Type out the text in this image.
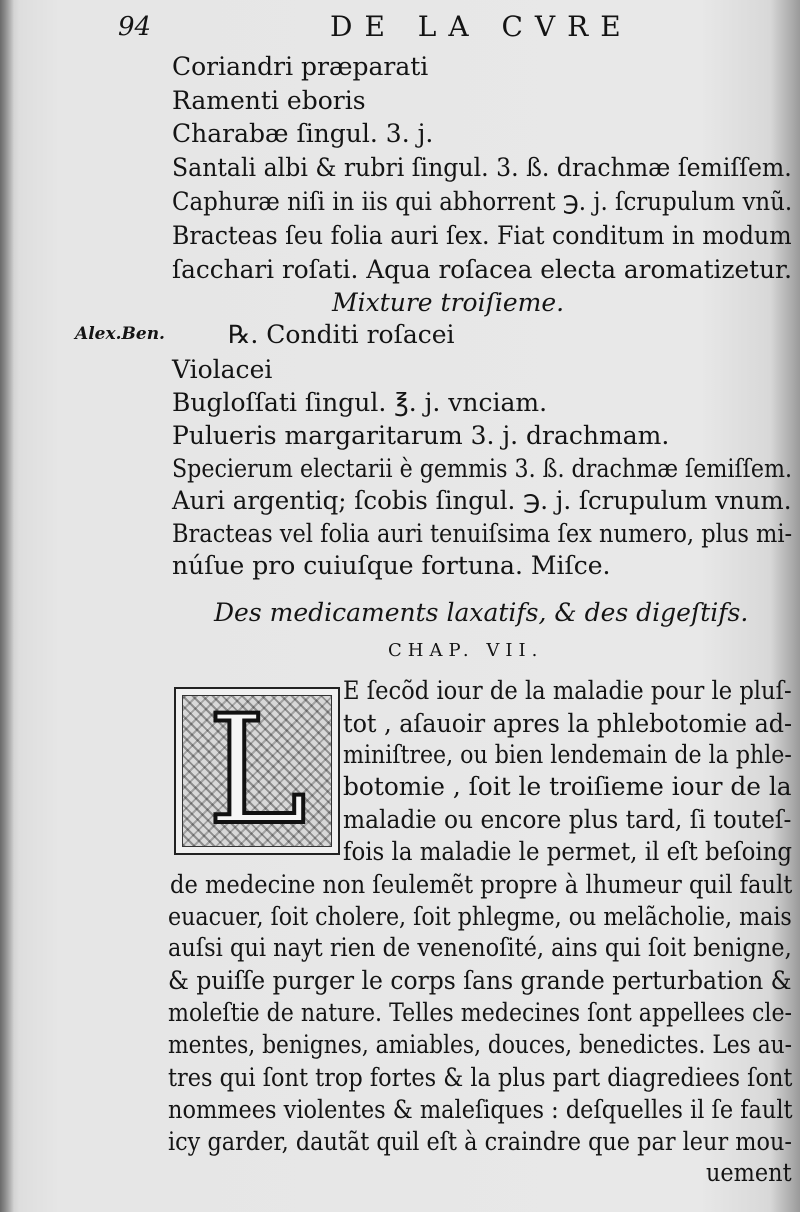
94	DE LA CVRE
Coriandri præparati
Ramenti eboris
Charabæ ſingul. 3. j.
Santali albi & rubri ſingul. 3. ß. drachmæ ſemiſſem.
Caphuræ niſi in iis qui abhorrent ℈. j. ſcrupulum vnũ.
Bracteas ſeu folia auri ſex. Fiat conditum in modum
ſacchari roſati. Aqua roſacea electa aromatizetur.
Mixture troiſieme.
Alex.Ben.	℞. Conditi roſacei
Violacei
Bugloſſati ſingul. ℥. j. vnciam.
Pulueris margaritarum 3. j. drachmam.
Specierum electarii è gemmis 3. ß. drachmæ ſemiſſem.
Auri argentiq; ſcobis ſingul. ℈. j. ſcrupulum vnum.
Bracteas vel folia auri tenuiſsima ſex numero, plus mi-
núſue pro cuiuſque fortuna. Miſce.
Des medicaments laxatifs, & des digeſtifs.
CHAP. VII.
L	E ſecõd iour de la maladie pour le pluſ-
tot , aſauoir apres la phlebotomie ad-
miniſtree, ou bien lendemain de la phle-
botomie , ſoit le troiſieme iour de la
maladie ou encore plus tard, ſi touteſ-
fois la maladie le permet, il eſt beſoing
de medecine non ſeulemẽt propre à lhumeur quil fault
euacuer, ſoit cholere, ſoit phlegme, ou melãcholie, mais
auſsi qui nayt rien de venenoſité, ains qui ſoit benigne,
& puiſſe purger le corps ſans grande perturbation &
moleſtie de nature. Telles medecines ſont appellees cle-
mentes, benignes, amiables, douces, benedictes. Les au-
tres qui ſont trop fortes & la plus part diagrediees ſont
nommees violentes & maleſiques : deſquelles il ſe fault
icy garder, dautãt quil eſt à craindre que par leur mou-
uement
